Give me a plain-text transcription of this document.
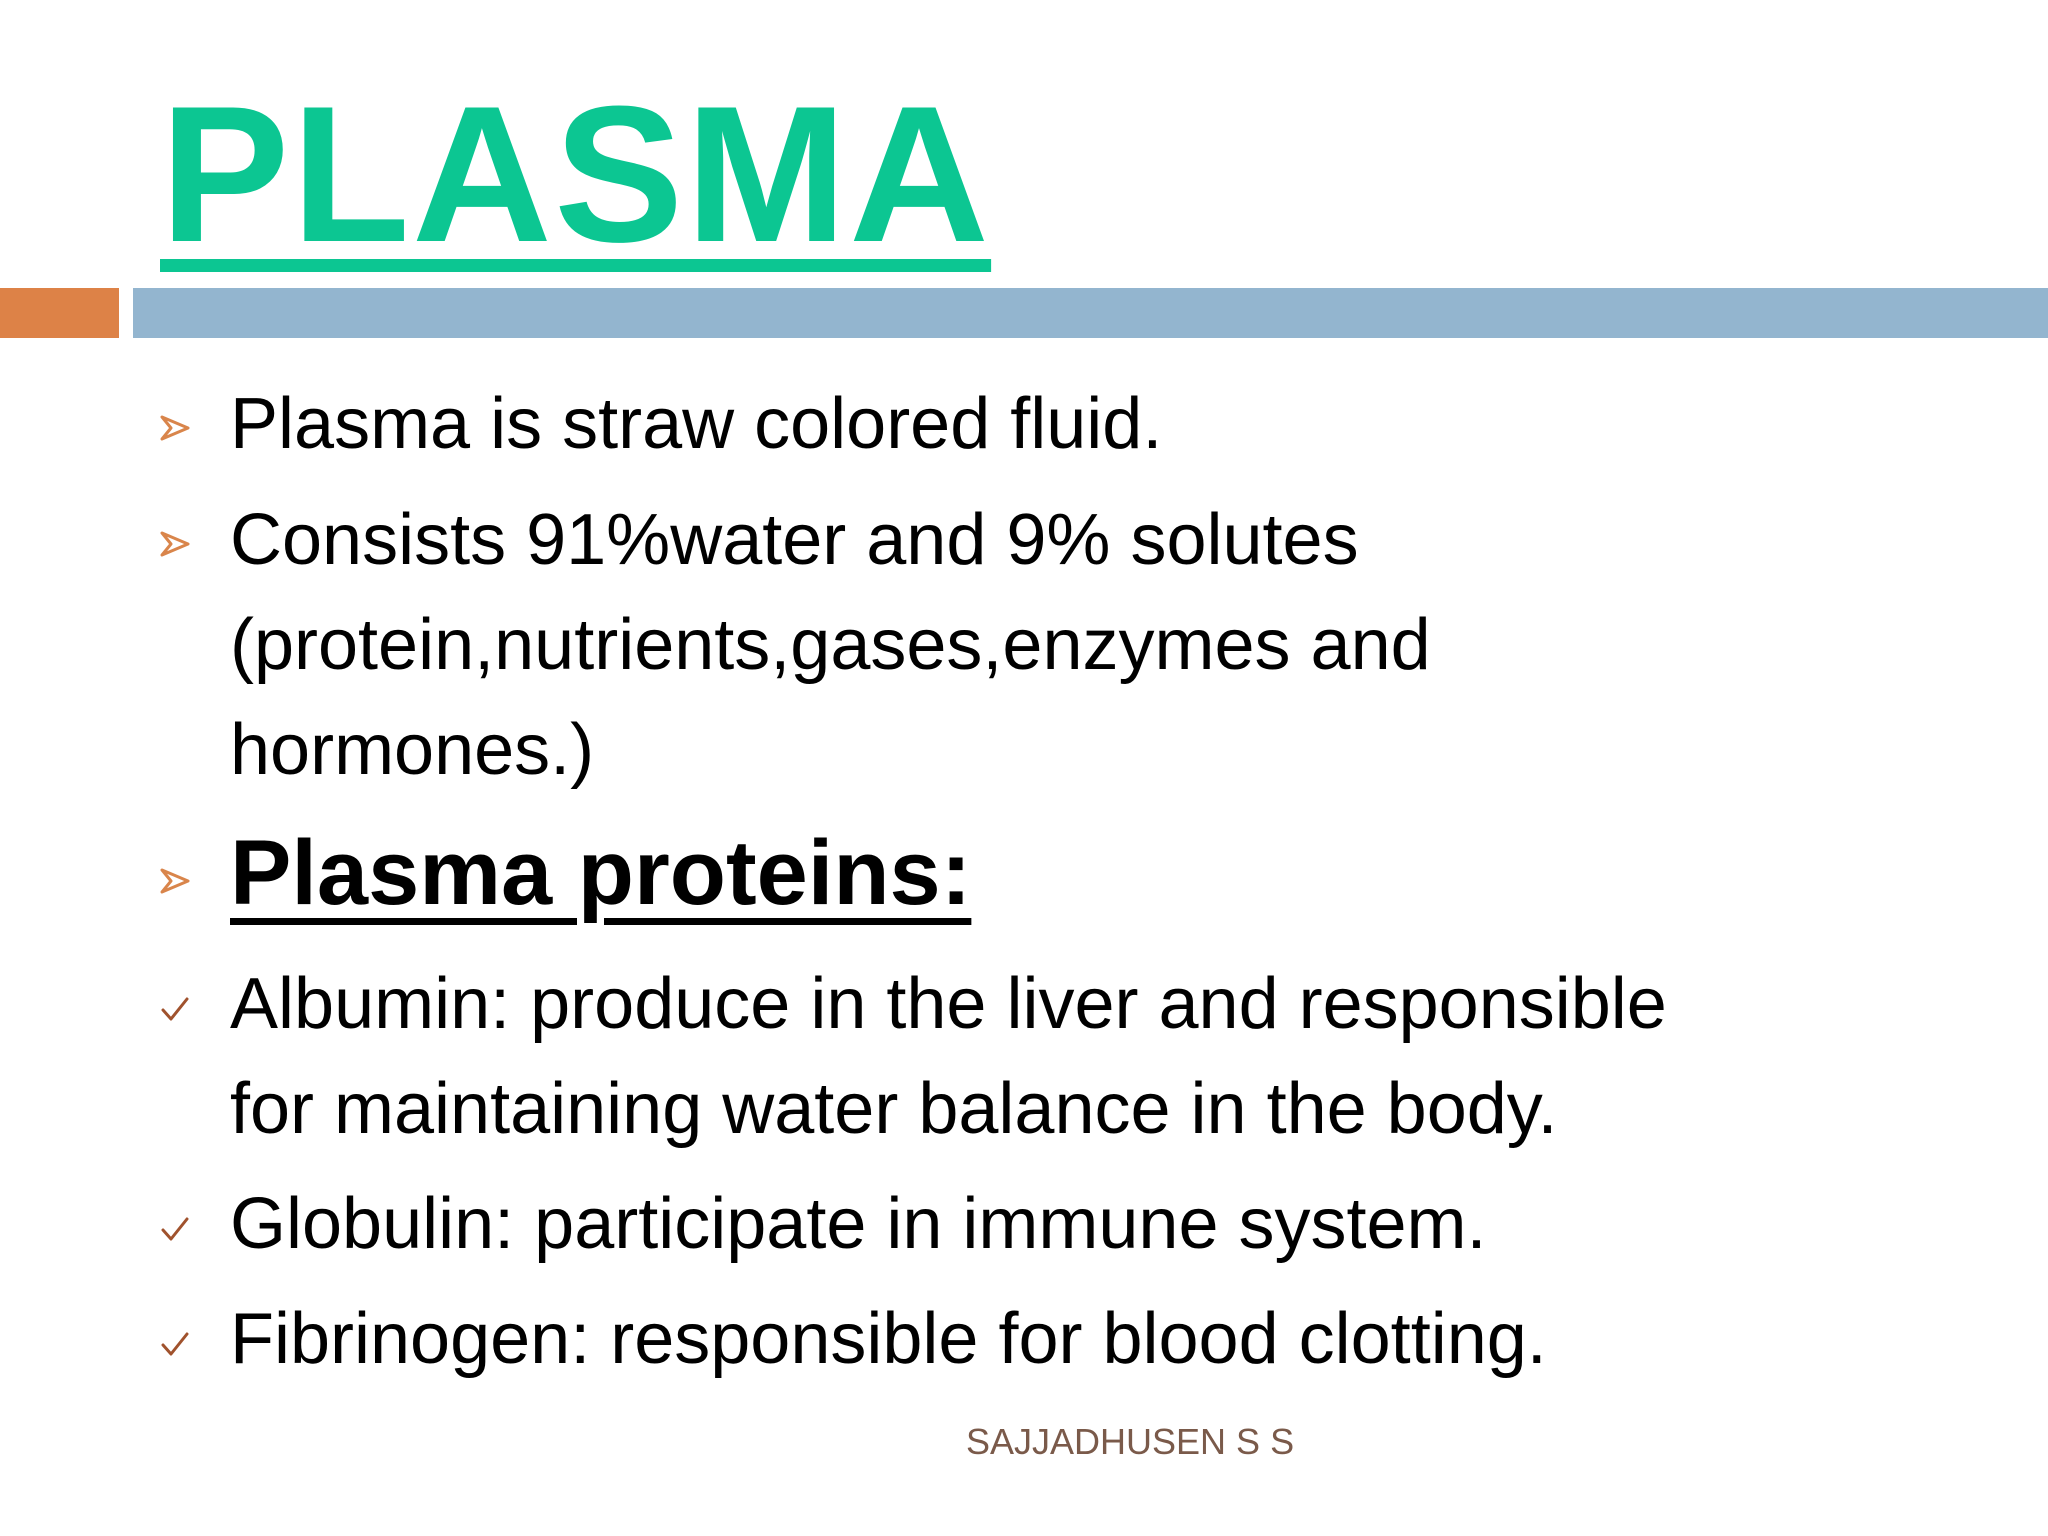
PLASMA
Plasma is straw colored fluid.
Consists 91%water and 9% solutes
(protein,nutrients,gases,enzymes and
hormones.)
Plasma proteins:
Albumin: produce in the liver and responsible
for maintaining water balance in the body.
Globulin: participate in immune system.
Fibrinogen: responsible for blood clotting.
SAJJADHUSEN S S
